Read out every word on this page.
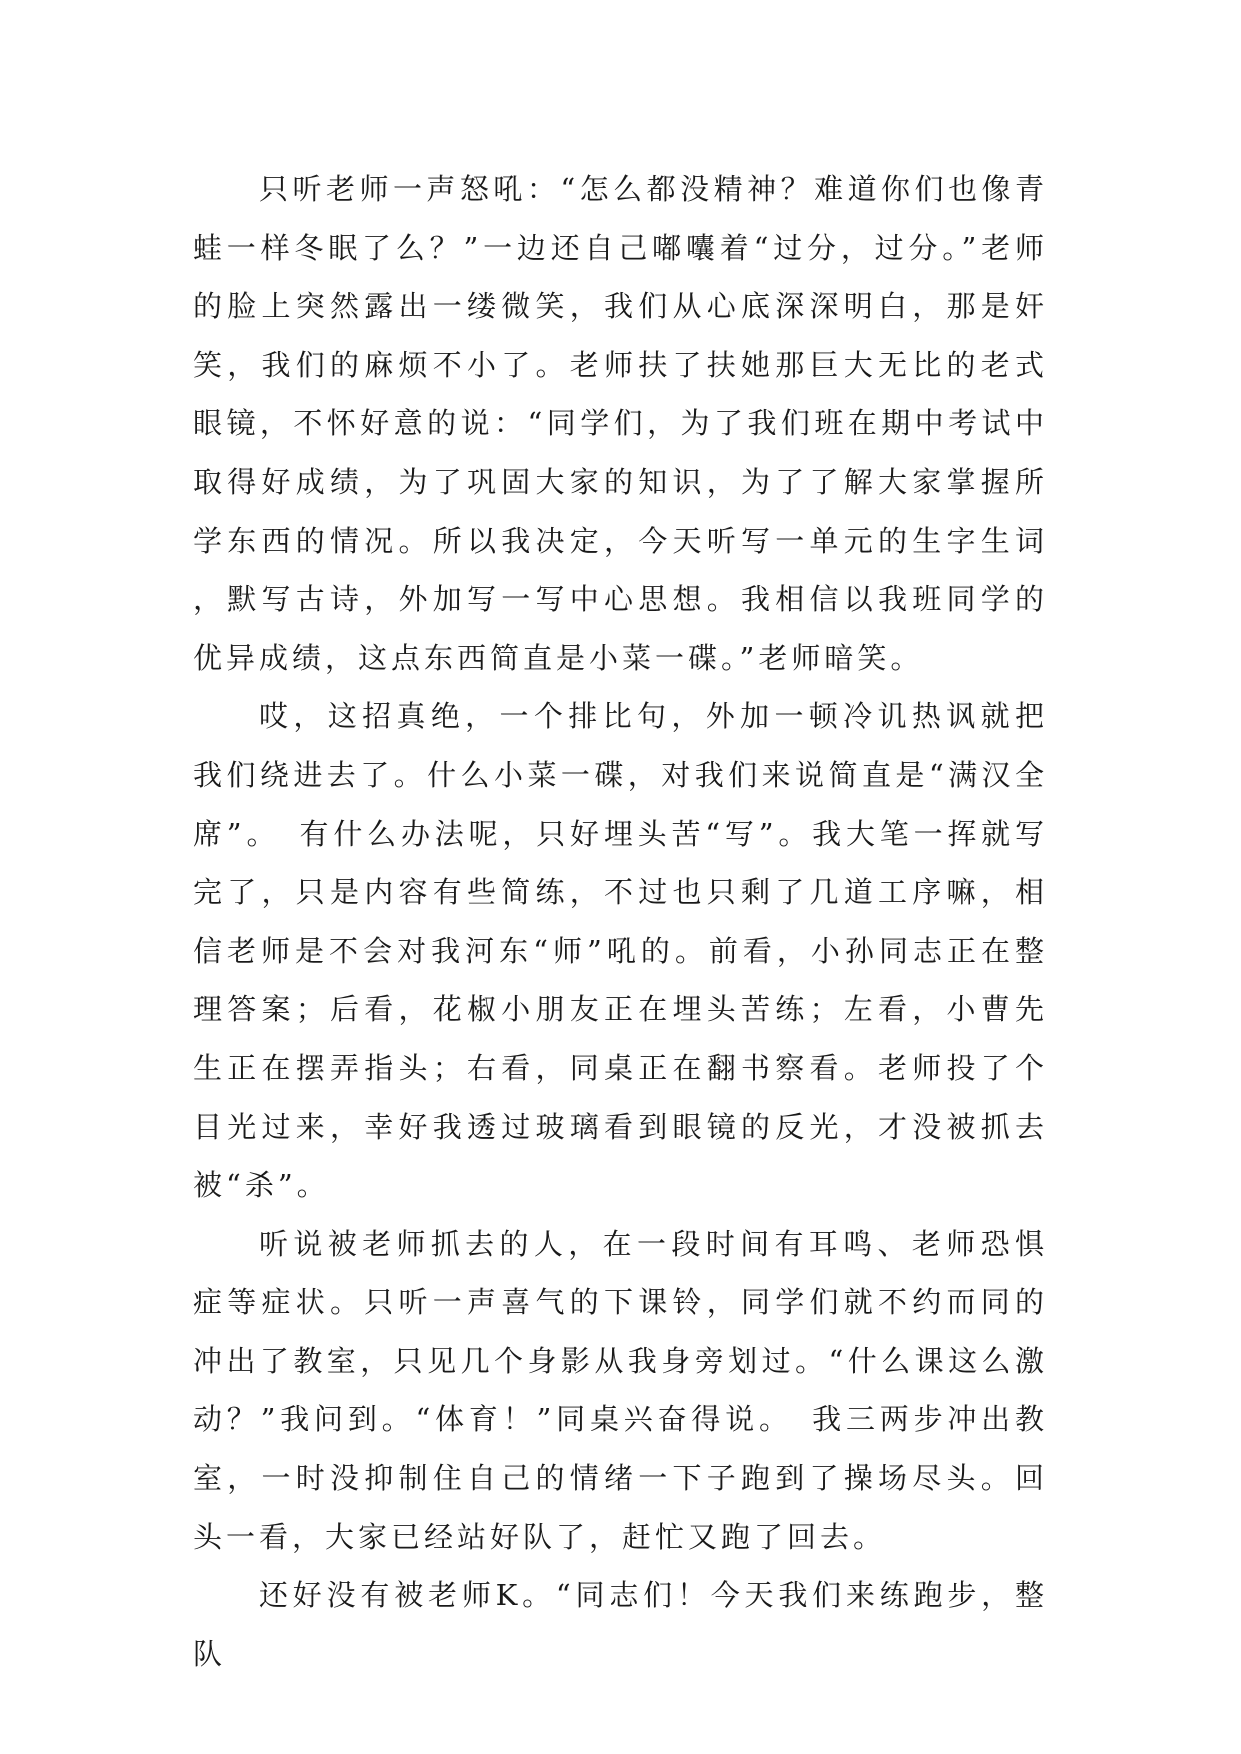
只听老师一声怒吼：“怎么都没精神？难道你们也像青蛙一样冬眠了么？”一边还自己嘟囔着“过分，过分。”老师的脸上突然露出一缕微笑，我们从心底深深明白，那是奸笑，我们的麻烦不小了。老师扶了扶她那巨大无比的老式眼镜，不怀好意的说：“同学们，为了我们班在期中考试中取得好成绩，为了巩固大家的知识，为了了解大家掌握所学东西的情况。所以我决定，今天听写一单元的生字生词，默写古诗，外加写一写中心思想。我相信以我班同学的优异成绩，这点东西简直是小菜一碟。”老师暗笑。

哎，这招真绝，一个排比句，外加一顿冷讥热讽就把我们绕进去了。什么小菜一碟，对我们来说简直是“满汉全席”。　有什么办法呢，只好埋头苦“写”。我大笔一挥就写完了，只是内容有些简练，不过也只剩了几道工序嘛，相信老师是不会对我河东“师”吼的。前看，小孙同志正在整理答案；后看，花椒小朋友正在埋头苦练；左看，小曹先生正在摆弄指头；右看，同桌正在翻书察看。老师投了个目光过来，幸好我透过玻璃看到眼镜的反光，才没被抓去被“杀”。

听说被老师抓去的人，在一段时间有耳鸣、老师恐惧症等症状。只听一声喜气的下课铃，同学们就不约而同的冲出了教室，只见几个身影从我身旁划过。“什么课这么激动？”我问到。“体育！”同桌兴奋得说。　我三两步冲出教室，一时没抑制住自己的情绪一下子跑到了操场尽头。回头一看，大家已经站好队了，赶忙又跑了回去。

还好没有被老师K。“同志们！今天我们来练跑步，整队
